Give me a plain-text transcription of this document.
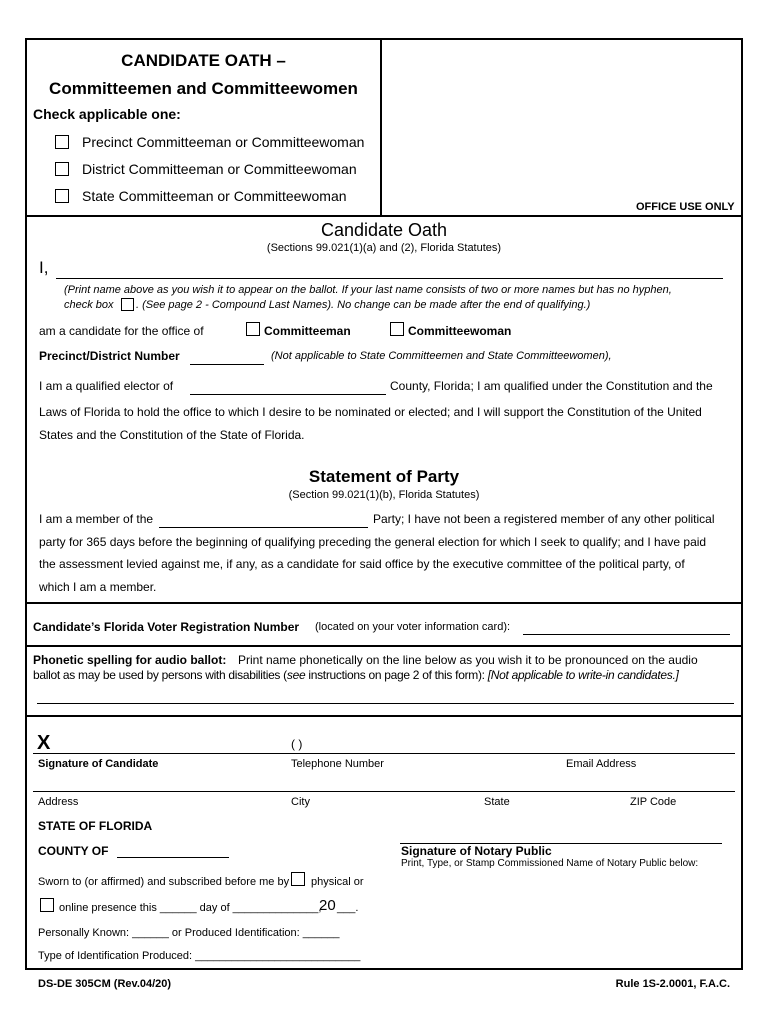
CANDIDATE OATH –
Committeemen and Committeewomen
Check applicable one:
Precinct Committeeman or Committeewoman
District Committeeman or Committeewoman
State Committeeman or Committeewoman
OFFICE USE ONLY
Candidate Oath
(Sections 99.021(1)(a) and (2), Florida Statutes)
I,
(Print name above as you wish it to appear on the ballot. If your last name consists of two or more names but has no hyphen,
check box . (See page 2 - Compound Last Names). No change can be made after the end of qualifying.)
am a candidate for the office of	Committeeman	Committeewoman
Precinct/District Number	(Not applicable to State Committeemen and State Committeewomen),
I am a qualified elector of	County, Florida; I am qualified under the Constitution and the
Laws of Florida to hold the office to which I desire to be nominated or elected; and I will support the Constitution of the United
States and the Constitution of the State of Florida.
Statement of Party
(Section 99.021(1)(b), Florida Statutes)
I am a member of the	Party; I have not been a registered member of any other political
party for 365 days before the beginning of qualifying preceding the general election for which I seek to qualify; and I have paid
the assessment levied against me, if any, as a candidate for said office by the executive committee of the political party, of
which I am a member.
Candidate’s Florida Voter Registration Number (located on your voter information card):
Phonetic spelling for audio ballot: Print name phonetically on the line below as you wish it to be pronounced on the audio
ballot as may be used by persons with disabilities (see instructions on page 2 of this form): [Not applicable to write-in candidates.]
X	( )
Signature of Candidate	Telephone Number	Email Address
Address	City	State	ZIP Code
STATE OF FLORIDA
COUNTY OF	Signature of Notary Public
Print, Type, or Stamp Commissioned Name of Notary Public below:
Sworn to (or affirmed) and subscribed before me by physical or
online presence this ______ day of ______________,
20 ___.
Personally Known: ______ or Produced Identification: ______
Type of Identification Produced: ___________________________
DS-DE 305CM (Rev.04/20)	Rule 1S-2.0001, F.A.C.
